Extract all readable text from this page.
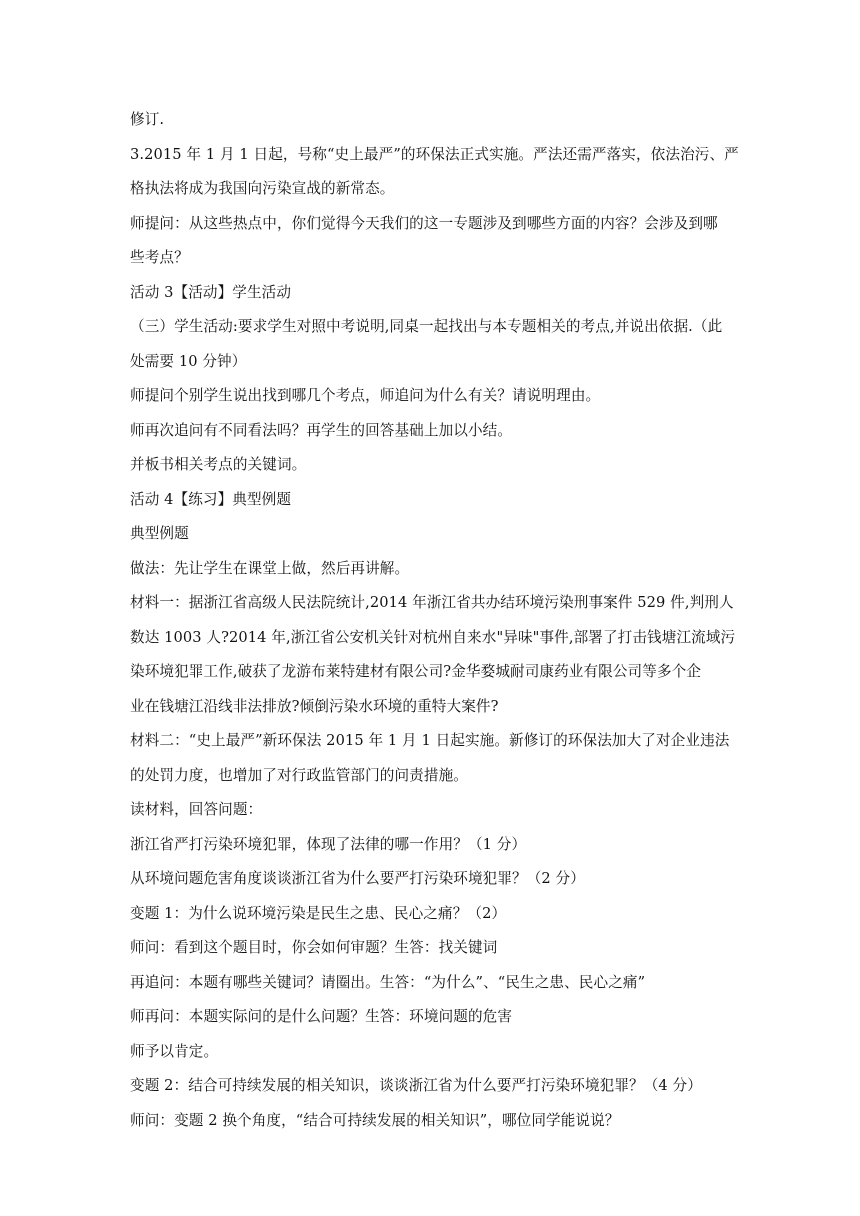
修订.
3.2015 年 1 月 1 日起，号称“史上最严”的环保法正式实施。严法还需严落实，依法治污、严
格执法将成为我国向污染宣战的新常态。
师提问：从这些热点中，你们觉得今天我们的这一专题涉及到哪些方面的内容？会涉及到哪
些考点？
活动 3【活动】学生活动
（三）学生活动:要求学生对照中考说明,同桌一起找出与本专题相关的考点,并说出依据.（此
处需要 10 分钟）
师提问个别学生说出找到哪几个考点，师追问为什么有关？请说明理由。
师再次追问有不同看法吗？再学生的回答基础上加以小结。
并板书相关考点的关键词。
活动 4【练习】典型例题
典型例题
做法：先让学生在课堂上做，然后再讲解。
材料一：据浙江省高级人民法院统计,2014 年浙江省共办结环境污染刑事案件 529 件,判刑人
数达 1003 人?2014 年,浙江省公安机关针对杭州自来水"异味"事件,部署了打击钱塘江流域污
染环境犯罪工作,破获了龙游布莱特建材有限公司?金华婺城耐司康药业有限公司等多个企
业在钱塘江沿线非法排放?倾倒污染水环境的重特大案件?
材料二：“史上最严”新环保法 2015 年 1 月 1 日起实施。新修订的环保法加大了对企业违法
的处罚力度，也增加了对行政监管部门的问责措施。
读材料，回答问题：
浙江省严打污染环境犯罪，体现了法律的哪一作用？（1 分）
从环境问题危害角度谈谈浙江省为什么要严打污染环境犯罪？（2 分）
变题 1：为什么说环境污染是民生之患、民心之痛？（2）
师问：看到这个题目时，你会如何审题？生答：找关键词
再追问：本题有哪些关键词？请圈出。生答：“为什么”、“民生之患、民心之痛”
师再问：本题实际问的是什么问题？生答：环境问题的危害
师予以肯定。
变题 2：结合可持续发展的相关知识，谈谈浙江省为什么要严打污染环境犯罪？（4 分）
师问：变题 2 换个角度，“结合可持续发展的相关知识”，哪位同学能说说？
